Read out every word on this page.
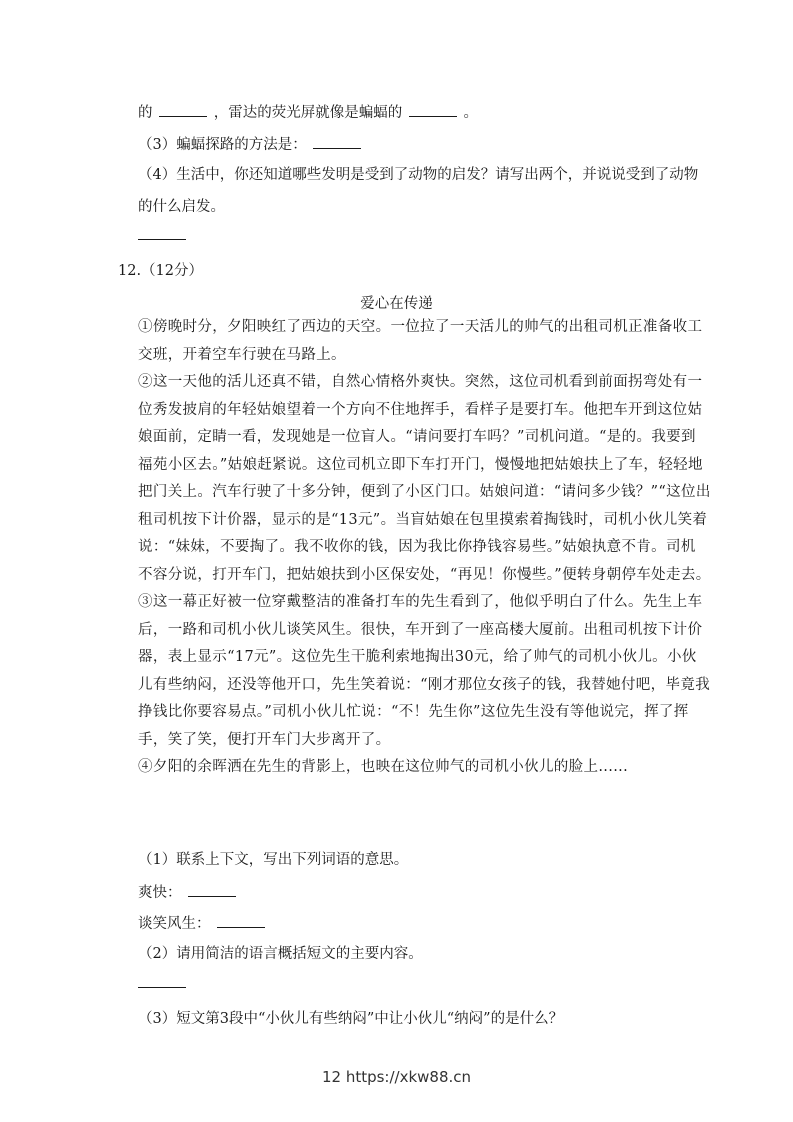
的	，雷达的荧光屏就像是蝙蝠的	。
（3）蝙蝠探路的方法是：
（4）生活中，你还知道哪些发明是受到了动物的启发？请写出两个，并说说受到了动物
的什么启发。
12.（12分）
爱心在传递
①傍晚时分，夕阳映红了西边的天空。一位拉了一天活儿的帅气的出租司机正准备收工
交班，开着空车行驶在马路上。
②这一天他的活儿还真不错，自然心情格外爽快。突然，这位司机看到前面拐弯处有一
位秀发披肩的年轻姑娘望着一个方向不住地挥手，看样子是要打车。他把车开到这位姑
娘面前，定睛一看，发现她是一位盲人。“请问要打车吗？”司机问道。“是的。我要到
福苑小区去。”姑娘赶紧说。这位司机立即下车打开门，慢慢地把姑娘扶上了车，轻轻地
把门关上。汽车行驶了十多分钟，便到了小区门口。姑娘问道：“请问多少钱？”“这位出
租司机按下计价器，显示的是“13元”。当盲姑娘在包里摸索着掏钱时，司机小伙儿笑着
说：“妹妹，不要掏了。我不收你的钱，因为我比你挣钱容易些。”姑娘执意不肯。司机
不容分说，打开车门，把姑娘扶到小区保安处，“再见！你慢些。”便转身朝停车处走去。
③这一幕正好被一位穿戴整洁的准备打车的先生看到了，他似乎明白了什么。先生上车
后，一路和司机小伙儿谈笑风生。很快，车开到了一座高楼大厦前。出租司机按下计价
器，表上显示“17元”。这位先生干脆利索地掏出30元，给了帅气的司机小伙儿。小伙
儿有些纳闷，还没等他开口，先生笑着说：“刚才那位女孩子的钱，我替她付吧，毕竟我
挣钱比你要容易点。”司机小伙儿忙说：“不！先生你”这位先生没有等他说完，挥了挥
手，笑了笑，便打开车门大步离开了。
④夕阳的余晖洒在先生的背影上，也映在这位帅气的司机小伙儿的脸上......
（1）联系上下文，写出下列词语的意思。
爽快：
谈笑风生：
（2）请用简洁的语言概括短文的主要内容。
（3）短文第3段中“小伙儿有些纳闷”中让小伙儿“纳闷”的是什么？
12 https://xkw88.cn
